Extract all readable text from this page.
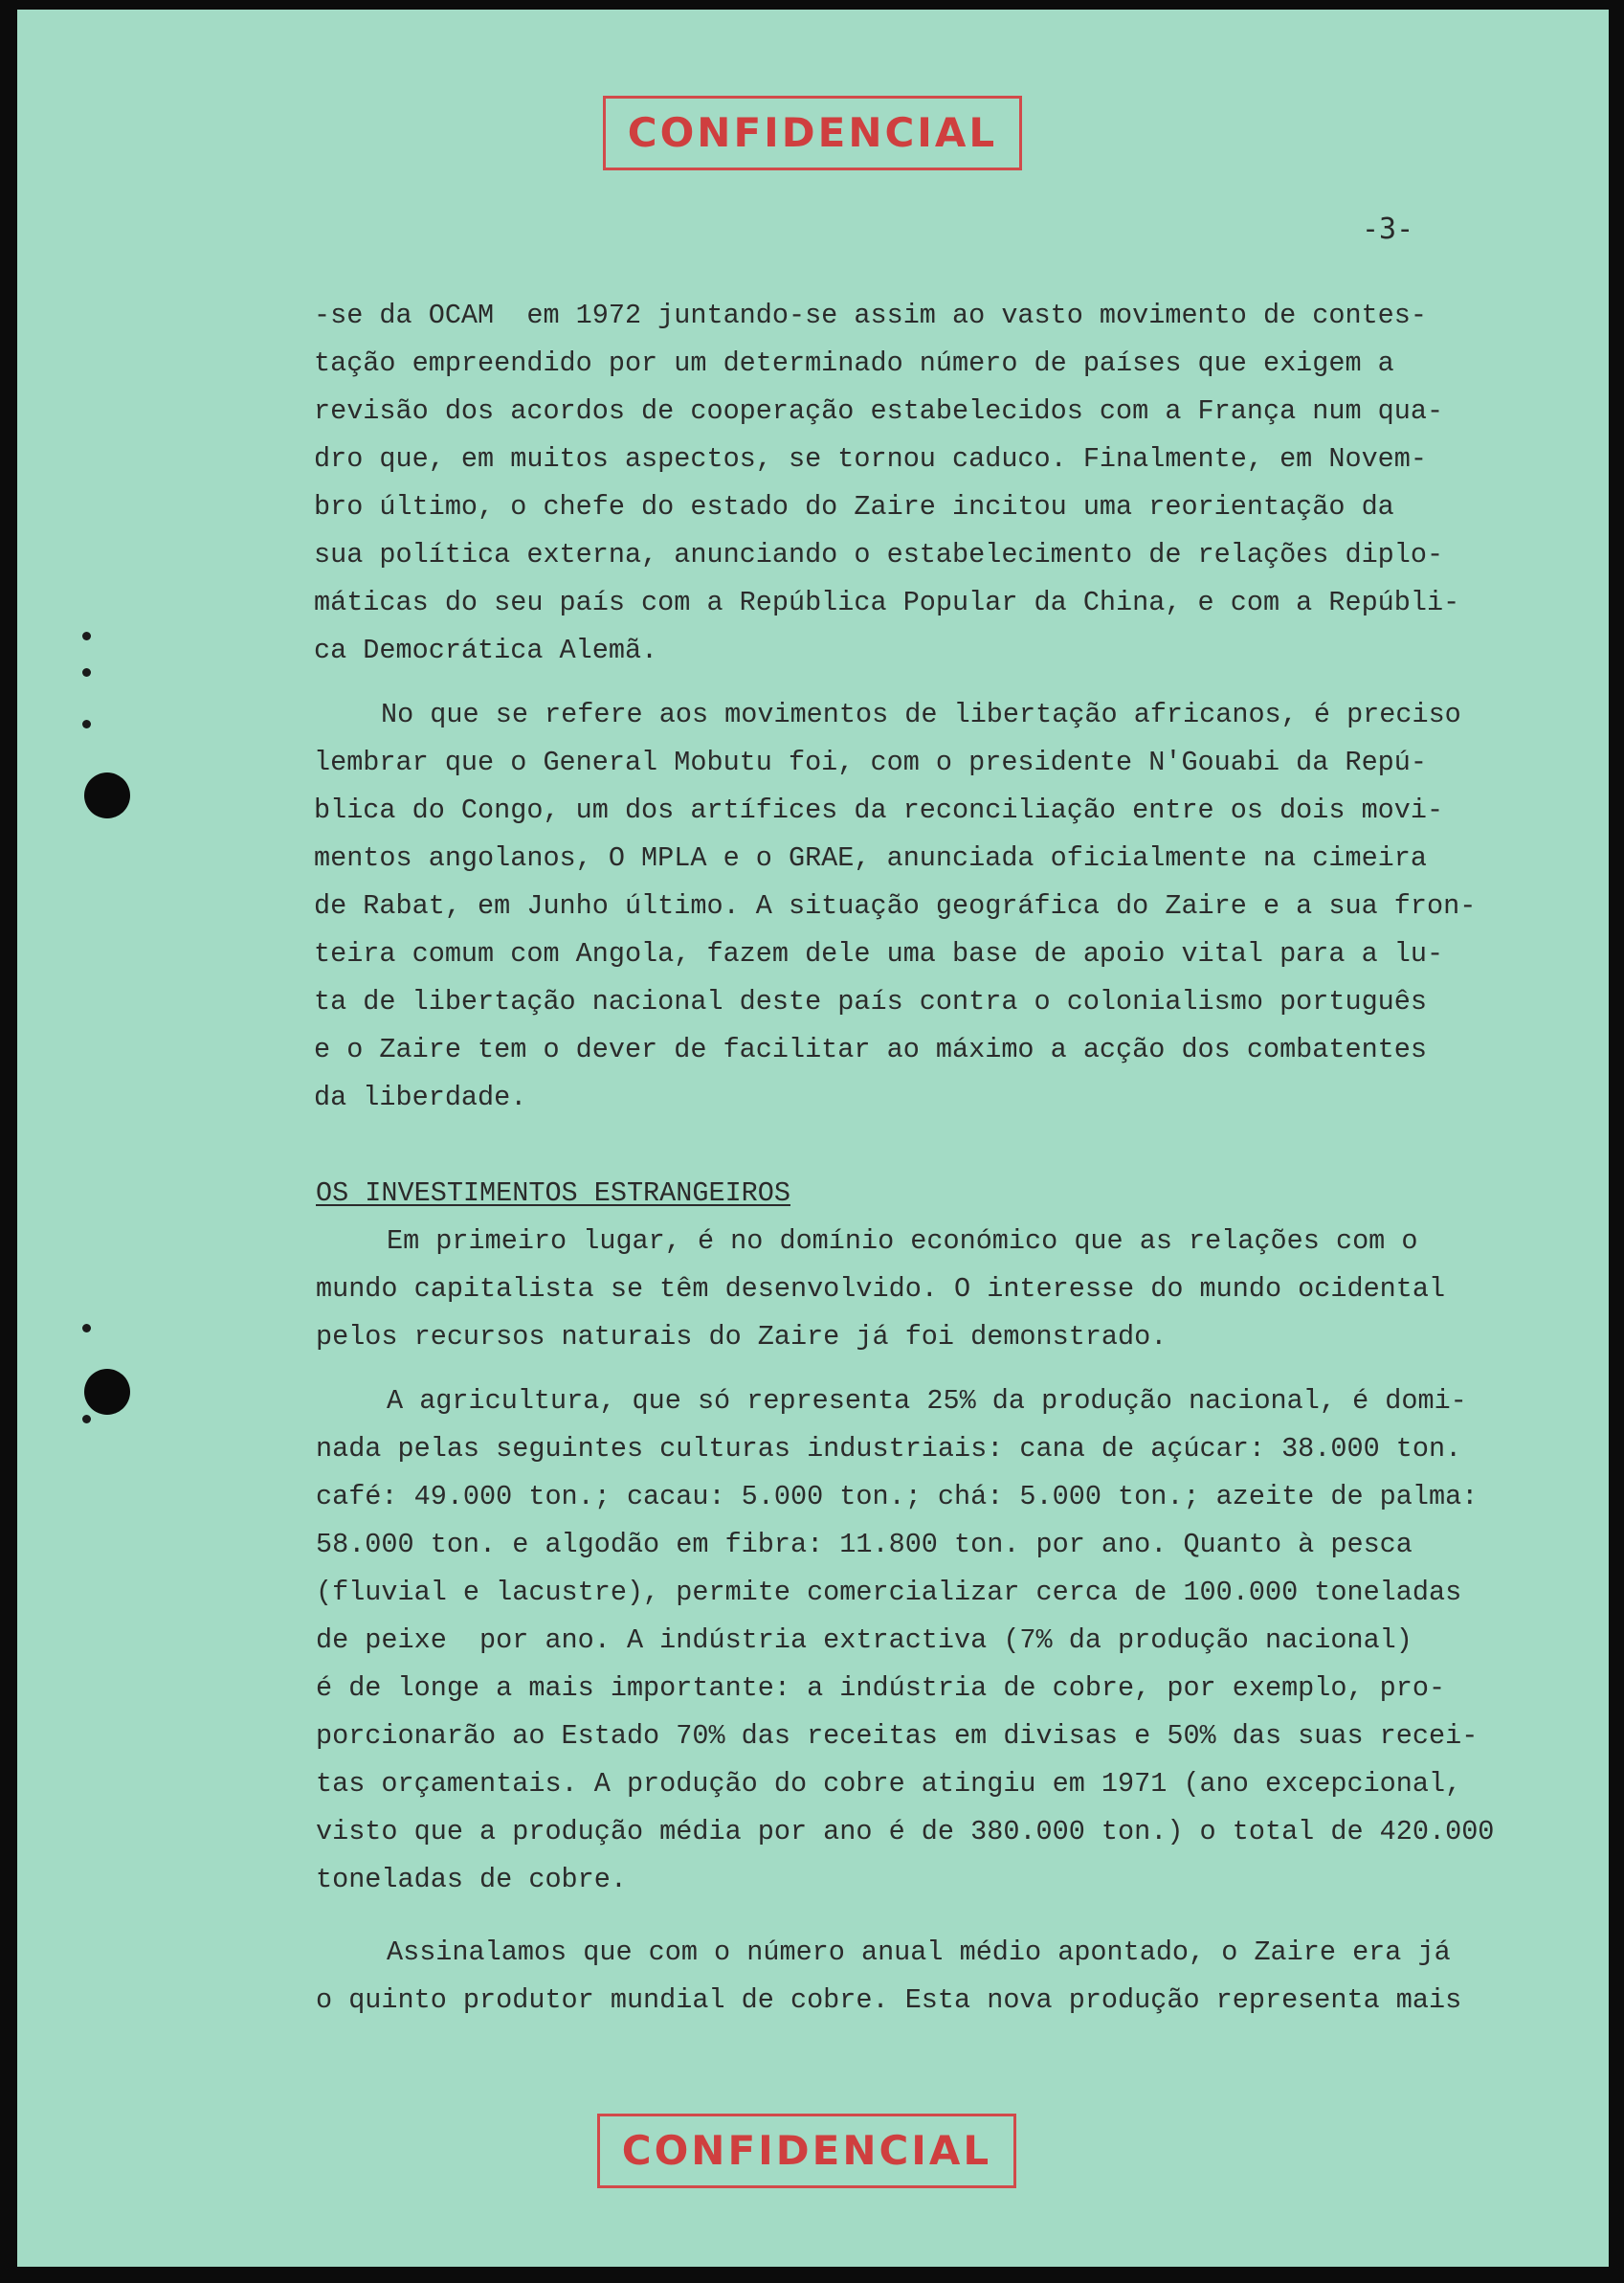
CONFIDENCIAL
-3-
-se da OCAM  em 1972 juntando-se assim ao vasto movimento de contes-
tação empreendido por um determinado número de países que exigem a
revisão dos acordos de cooperação estabelecidos com a França num qua-
dro que, em muitos aspectos, se tornou caduco. Finalmente, em Novem-
bro último, o chefe do estado do Zaire incitou uma reorientação da
sua política externa, anunciando o estabelecimento de relações diplo-
máticas do seu país com a República Popular da China, e com a Repúbli-
ca Democrática Alemã.
No que se refere aos movimentos de libertação africanos, é preciso
lembrar que o General Mobutu foi, com o presidente N'Gouabi da Repú-
blica do Congo, um dos artífices da reconciliação entre os dois movi-
mentos angolanos, O MPLA e o GRAE, anunciada oficialmente na cimeira
de Rabat, em Junho último. A situação geográfica do Zaire e a sua fron-
teira comum com Angola, fazem dele uma base de apoio vital para a lu-
ta de libertação nacional deste país contra o colonialismo português
e o Zaire tem o dever de facilitar ao máximo a acção dos combatentes
da liberdade.
OS INVESTIMENTOS ESTRANGEIROS
Em primeiro lugar, é no domínio económico que as relações com o
mundo capitalista se têm desenvolvido. O interesse do mundo ocidental
pelos recursos naturais do Zaire já foi demonstrado.
A agricultura, que só representa 25% da produção nacional, é domi-
nada pelas seguintes culturas industriais: cana de açúcar: 38.000 ton.
café: 49.000 ton.; cacau: 5.000 ton.; chá: 5.000 ton.; azeite de palma:
58.000 ton. e algodão em fibra: 11.800 ton. por ano. Quanto à pesca
(fluvial e lacustre), permite comercializar cerca de 100.000 toneladas
de peixe  por ano. A indústria extractiva (7% da produção nacional)
é de longe a mais importante: a indústria de cobre, por exemplo, pro-
porcionarão ao Estado 70% das receitas em divisas e 50% das suas recei-
tas orçamentais. A produção do cobre atingiu em 1971 (ano excepcional,
visto que a produção média por ano é de 380.000 ton.) o total de 420.000
toneladas de cobre.
Assinalamos que com o número anual médio apontado, o Zaire era já
o quinto produtor mundial de cobre. Esta nova produção representa mais
CONFIDENCIAL
